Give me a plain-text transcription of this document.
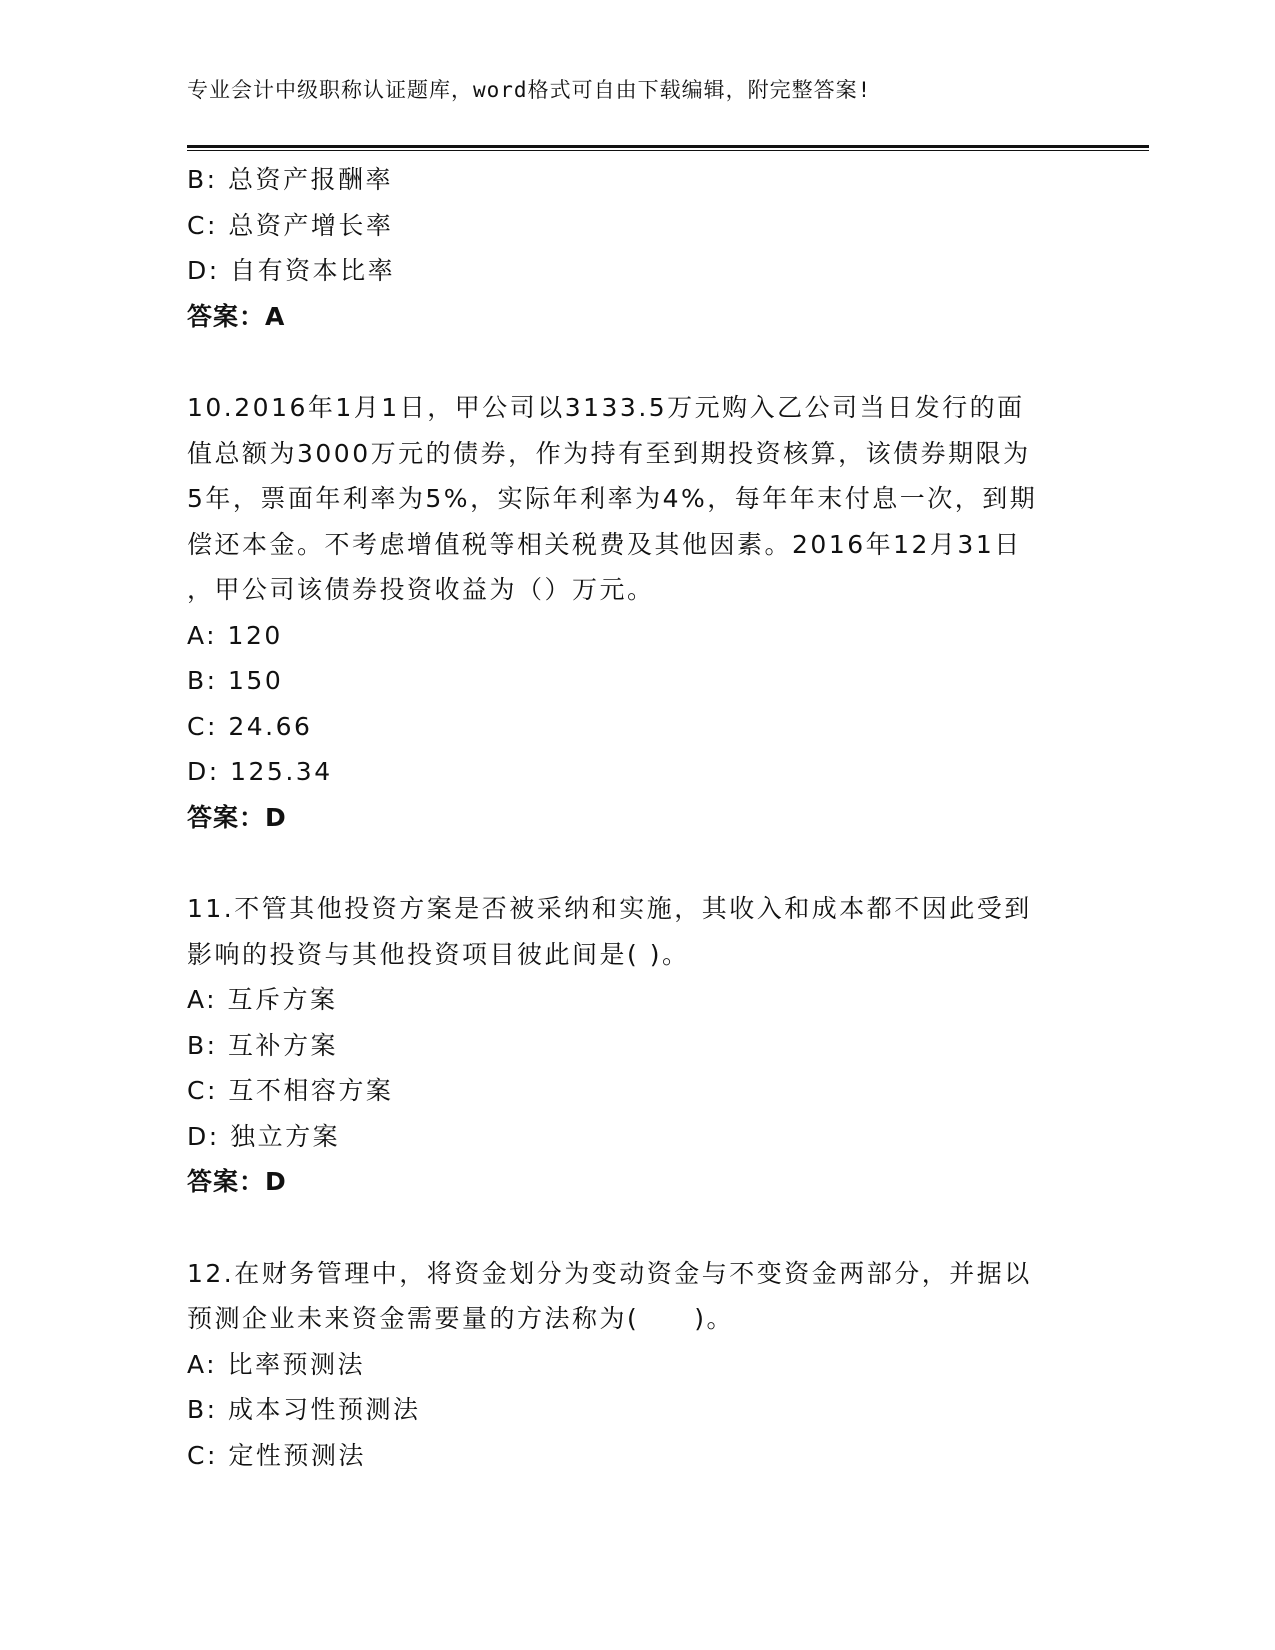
专业会计中级职称认证题库，word格式可自由下载编辑，附完整答案!
B: 总资产报酬率
C: 总资产增长率
D: 自有资本比率
答案：A
10.2016年1月1日，甲公司以3133.5万元购入乙公司当日发行的面
值总额为3000万元的债券，作为持有至到期投资核算，该债券期限为
5年，票面年利率为5%，实际年利率为4%，每年年末付息一次，到期
偿还本金。不考虑增值税等相关税费及其他因素。2016年12月31日
，甲公司该债券投资收益为（）万元。
A: 120
B: 150
C: 24.66
D: 125.34
答案：D
11.不管其他投资方案是否被采纳和实施，其收入和成本都不因此受到
影响的投资与其他投资项目彼此间是( )。
A: 互斥方案
B: 互补方案
C: 互不相容方案
D: 独立方案
答案：D
12.在财务管理中，将资金划分为变动资金与不变资金两部分，并据以
预测企业未来资金需要量的方法称为(　　)。
A: 比率预测法
B: 成本习性预测法
C: 定性预测法
